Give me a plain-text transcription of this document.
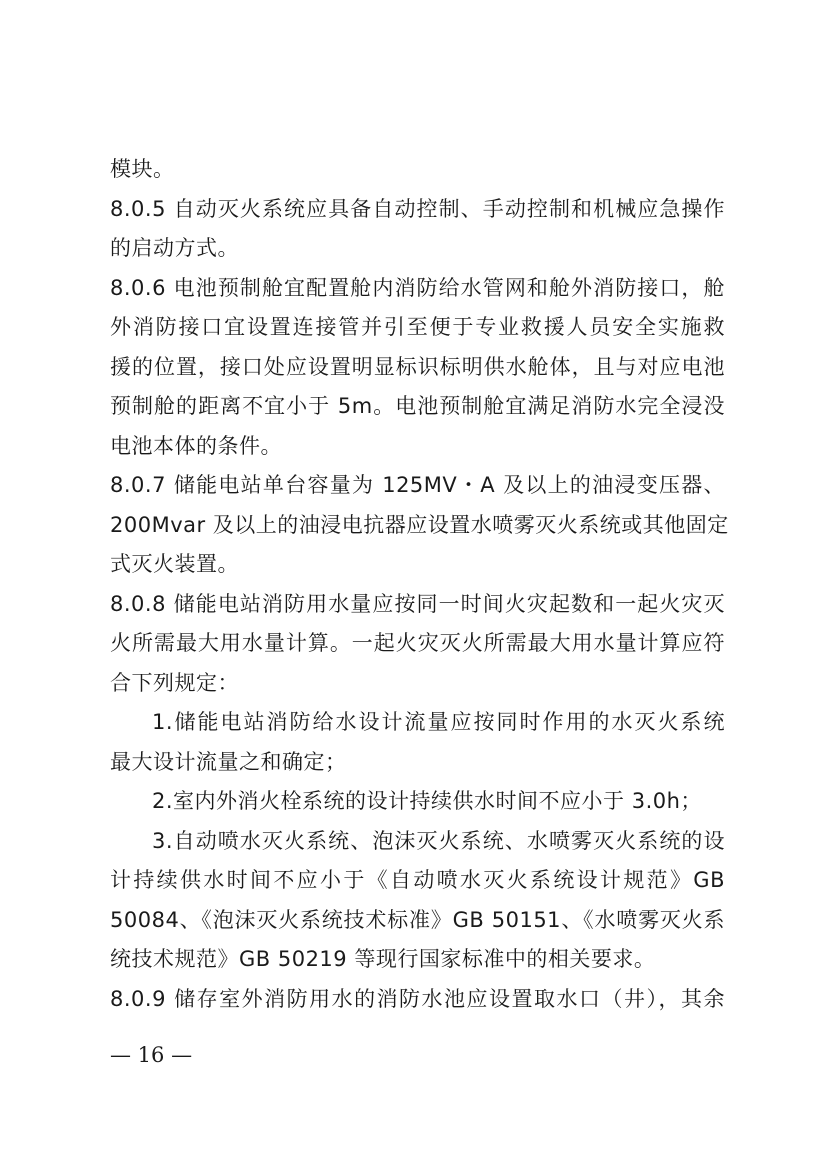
模块。
8.0.5 自动灭火系统应具备自动控制、手动控制和机械应急操作
的启动方式。
8.0.6 电池预制舱宜配置舱内消防给水管网和舱外消防接口，舱
外消防接口宜设置连接管并引至便于专业救援人员安全实施救
援的位置，接口处应设置明显标识标明供水舱体，且与对应电池
预制舱的距离不宜小于 5m。电池预制舱宜满足消防水完全浸没
电池本体的条件。
8.0.7 储能电站单台容量为 125MV・A 及以上的油浸变压器、
200Mvar 及以上的油浸电抗器应设置水喷雾灭火系统或其他固定
式灭火装置。
8.0.8 储能电站消防用水量应按同一时间火灾起数和一起火灾灭
火所需最大用水量计算。一起火灾灭火所需最大用水量计算应符
合下列规定：
1.储能电站消防给水设计流量应按同时作用的水灭火系统
最大设计流量之和确定；
2.室内外消火栓系统的设计持续供水时间不应小于 3.0h；
3.自动喷水灭火系统、泡沫灭火系统、水喷雾灭火系统的设
计持续供水时间不应小于《自动喷水灭火系统设计规范》GB
50084、《泡沫灭火系统技术标准》GB 50151、《水喷雾灭火系
统技术规范》GB 50219 等现行国家标准中的相关要求。
8.0.9 储存室外消防用水的消防水池应设置取水口（井），其余
— 16 —
